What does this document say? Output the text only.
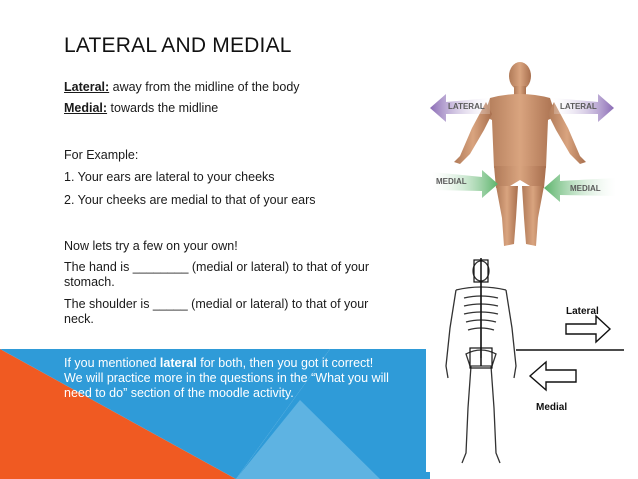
LATERAL AND MEDIAL
Lateral: away from the midline of the body
Medial: towards the midline
For Example:
1. Your ears are lateral to your cheeks
2. Your cheeks are medial to that of your ears
Now lets try a few on your own!
The hand is ________ (medial or lateral) to that of your stomach.
The shoulder is _____ (medial or lateral) to that of your neck.
If you mentioned lateral for both, then you got it correct! We will practice more in the questions in the “What you will need to do” section of the moodle activity.
LATERAL	LATERAL
MEDIAL
MEDIAL
Lateral
Medial
